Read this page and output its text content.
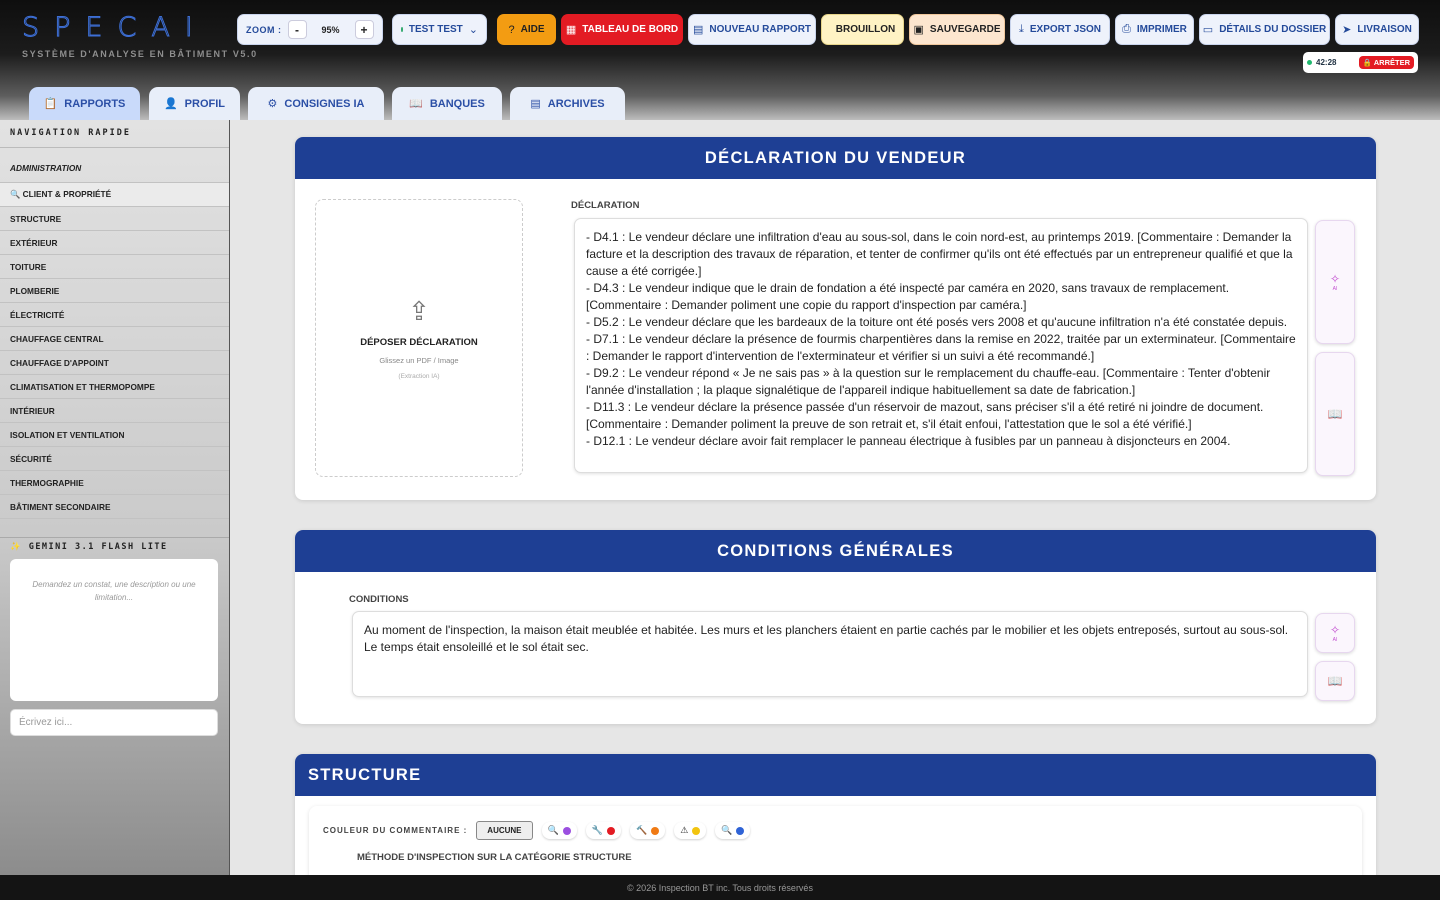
SPECAI
SYSTÈME D'ANALYSE EN BÂTIMENT V5.0
ZOOM :	-	95%	+	TEST TEST ⌄	? AIDE ▦ TABLEAU DE BORD ▤ NOUVEAU RAPPORT BROUILLON ▣ SAUVEGARDE ⤓ EXPORT JSON ⎙ IMPRIMER ▭ DÉTAILS DU DOSSIER ➤ LIVRAISON
42:28	🔒 ARRÊTER
📋 RAPPORTS	👤 PROFIL	⚙ CONSIGNES IA	📖 BANQUES	▤ ARCHIVES
NAVIGATION RAPIDE
ADMINISTRATION
🔍 CLIENT & PROPRIÉTÉ
STRUCTURE
EXTÉRIEUR
TOITURE
PLOMBERIE
ÉLECTRICITÉ
CHAUFFAGE CENTRAL
CHAUFFAGE D'APPOINT
CLIMATISATION ET THERMOPOMPE
INTÉRIEUR
ISOLATION ET VENTILATION
SÉCURITÉ
THERMOGRAPHIE
BÂTIMENT SECONDAIRE
✨ GEMINI 3.1 FLASH LITE
Demandez un constat, une description ou une limitation...
Écrivez ici...
DÉCLARATION DU VENDEUR
⇪
DÉPOSER DÉCLARATION
Glissez un PDF / Image
(Extraction IA)
DÉCLARATION
- D4.1 : Le vendeur déclare une infiltration d'eau au sous-sol, dans le coin nord-est, au printemps 2019. [Commentaire : Demander la facture et la description des travaux de réparation, et tenter de confirmer qu'ils ont été effectués par un entrepreneur qualifié et que la cause a été corrigée.]
- D4.3 : Le vendeur indique que le drain de fondation a été inspecté par caméra en 2020, sans travaux de remplacement. [Commentaire : Demander poliment une copie du rapport d'inspection par caméra.]
- D5.2 : Le vendeur déclare que les bardeaux de la toiture ont été posés vers 2008 et qu'aucune infiltration n'a été constatée depuis.
- D7.1 : Le vendeur déclare la présence de fourmis charpentières dans la remise en 2022, traitée par un exterminateur. [Commentaire : Demander le rapport d'intervention de l'exterminateur et vérifier si un suivi a été recommandé.]
- D9.2 : Le vendeur répond « Je ne sais pas » à la question sur le remplacement du chauffe-eau. [Commentaire : Tenter d'obtenir l'année d'installation ; la plaque signalétique de l'appareil indique habituellement sa date de fabrication.]
- D11.3 : Le vendeur déclare la présence passée d'un réservoir de mazout, sans préciser s'il a été retiré ni joindre de document. [Commentaire : Demander poliment la preuve de son retrait et, s'il était enfoui, l'attestation que le sol a été vérifié.]
- D12.1 : Le vendeur déclare avoir fait remplacer le panneau électrique à fusibles par un panneau à disjoncteurs en 2004.
✧
AI
📖
CONDITIONS GÉNÉRALES
CONDITIONS
Au moment de l'inspection, la maison était meublée et habitée. Les murs et les planchers étaient en partie cachés par le mobilier et les objets entreposés, surtout au sous-sol. Le temps était ensoleillé et le sol était sec.
✧
AI
📖
STRUCTURE
COULEUR DU COMMENTAIRE :	AUCUNE	🔍	🔧	🔨	⚠	🔍
MÉTHODE D'INSPECTION SUR LA CATÉGORIE STRUCTURE
© 2026 Inspection BT inc. Tous droits réservés
